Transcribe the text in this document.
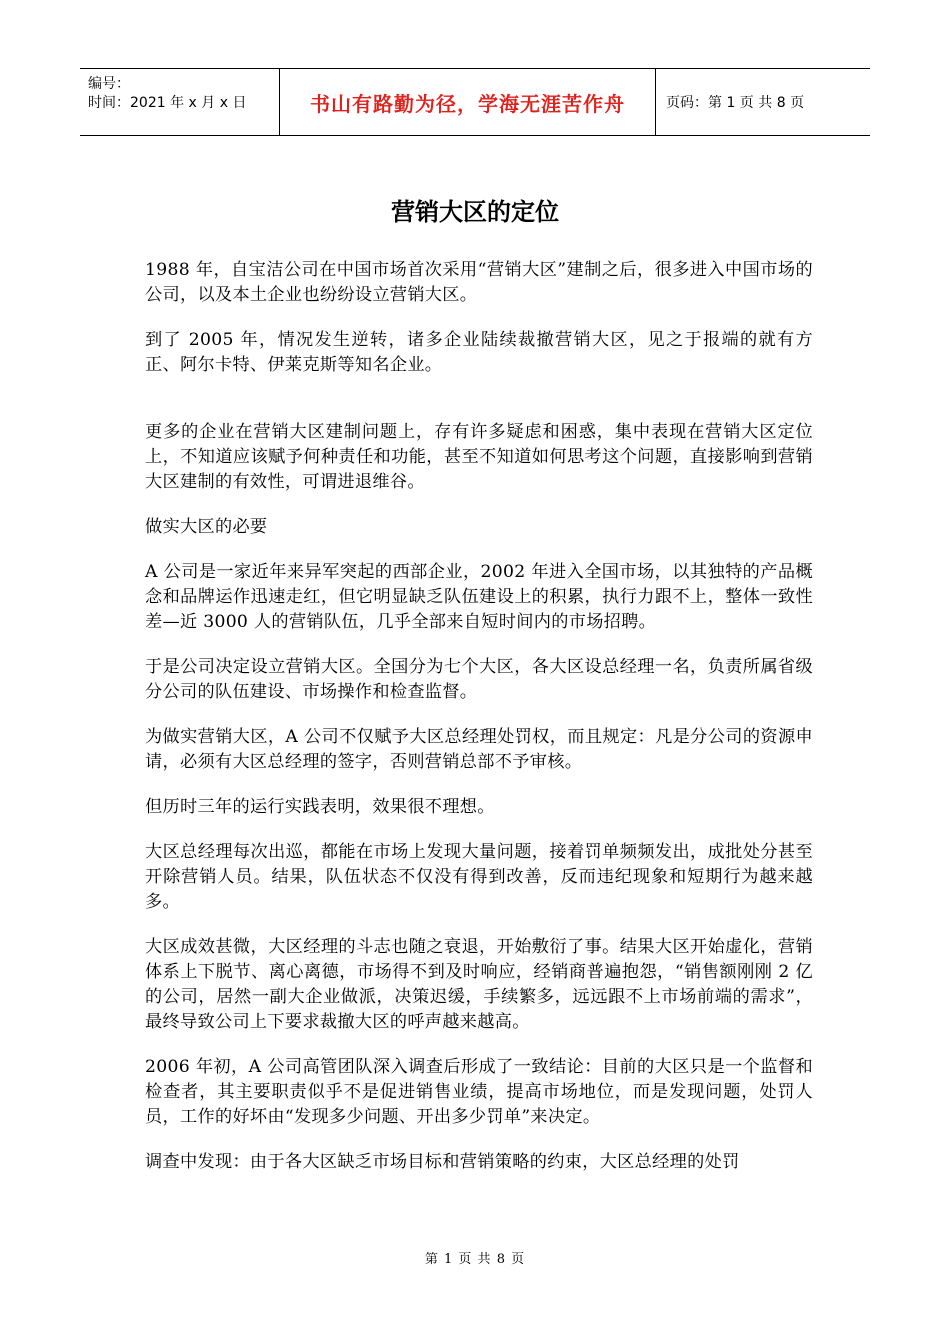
编号：
时间：2021 年 x 月 x 日	书山有路勤为径，学海无涯苦作舟	页码：第 1 页 共 8 页
营销大区的定位

1988 年，自宝洁公司在中国市场首次采用“营销大区”建制之后，很多进入中国市场的公司，以及本土企业也纷纷设立营销大区。

到了 2005 年，情况发生逆转，诸多企业陆续裁撤营销大区，见之于报端的就有方正、阿尔卡特、伊莱克斯等知名企业。

更多的企业在营销大区建制问题上，存有许多疑虑和困惑，集中表现在营销大区定位上，不知道应该赋予何种责任和功能，甚至不知道如何思考这个问题，直接影响到营销大区建制的有效性，可谓进退维谷。

做实大区的必要

A 公司是一家近年来异军突起的西部企业，2002 年进入全国市场，以其独特的产品概念和品牌运作迅速走红，但它明显缺乏队伍建设上的积累，执行力跟不上，整体一致性差—近 3000 人的营销队伍，几乎全部来自短时间内的市场招聘。

于是公司决定设立营销大区。全国分为七个大区，各大区设总经理一名，负责所属省级分公司的队伍建设、市场操作和检查监督。

为做实营销大区，A 公司不仅赋予大区总经理处罚权，而且规定：凡是分公司的资源申请，必须有大区总经理的签字，否则营销总部不予审核。

但历时三年的运行实践表明，效果很不理想。

大区总经理每次出巡，都能在市场上发现大量问题，接着罚单频频发出，成批处分甚至开除营销人员。结果，队伍状态不仅没有得到改善，反而违纪现象和短期行为越来越多。

大区成效甚微，大区经理的斗志也随之衰退，开始敷衍了事。结果大区开始虚化，营销体系上下脱节、离心离德，市场得不到及时响应，经销商普遍抱怨，“销售额刚刚 2 亿的公司，居然一副大企业做派，决策迟缓，手续繁多，远远跟不上市场前端的需求”，最终导致公司上下要求裁撤大区的呼声越来越高。

2006 年初，A 公司高管团队深入调查后形成了一致结论：目前的大区只是一个监督和检查者，其主要职责似乎不是促进销售业绩，提高市场地位，而是发现问题，处罚人员，工作的好坏由“发现多少问题、开出多少罚单”来决定。

调查中发现：由于各大区缺乏市场目标和营销策略的约束，大区总经理的处罚

第 1 页 共 8 页
